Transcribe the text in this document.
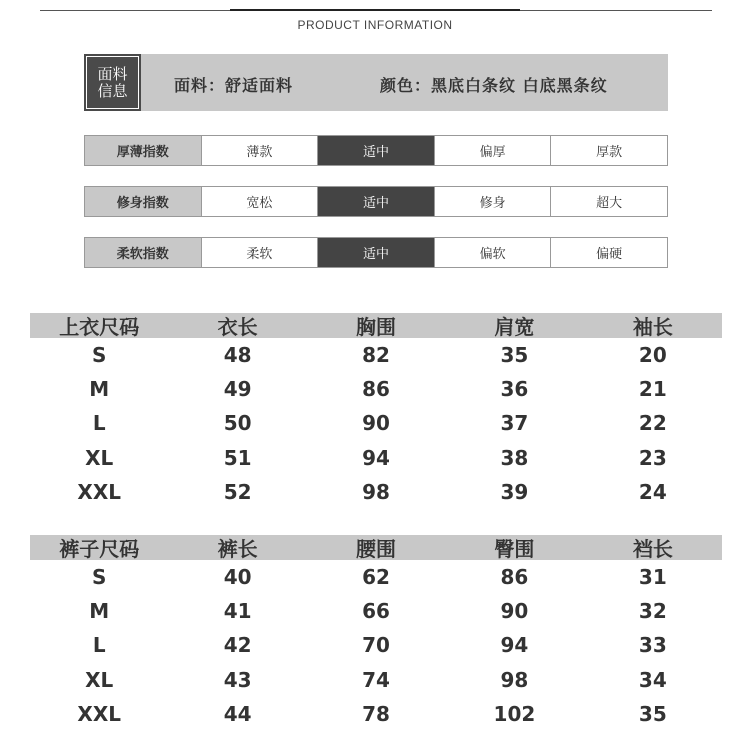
PRODUCT INFORMATION
面料
信息	面料：舒适面料	颜色：黑底白条纹 白底黑条纹
厚薄指数	薄款	适中	偏厚	厚款
修身指数	宽松	适中	修身	超大
柔软指数	柔软	适中	偏软	偏硬
上衣尺码	衣长	胸围	肩宽	袖长
S	48	82	35	20
M	49	86	36	21
L	50	90	37	22
XL	51	94	38	23
XXL	52	98	39	24
裤子尺码	裤长	腰围	臀围	裆长
S	40	62	86	31
M	41	66	90	32
L	42	70	94	33
XL	43	74	98	34
XXL	44	78	102	35
